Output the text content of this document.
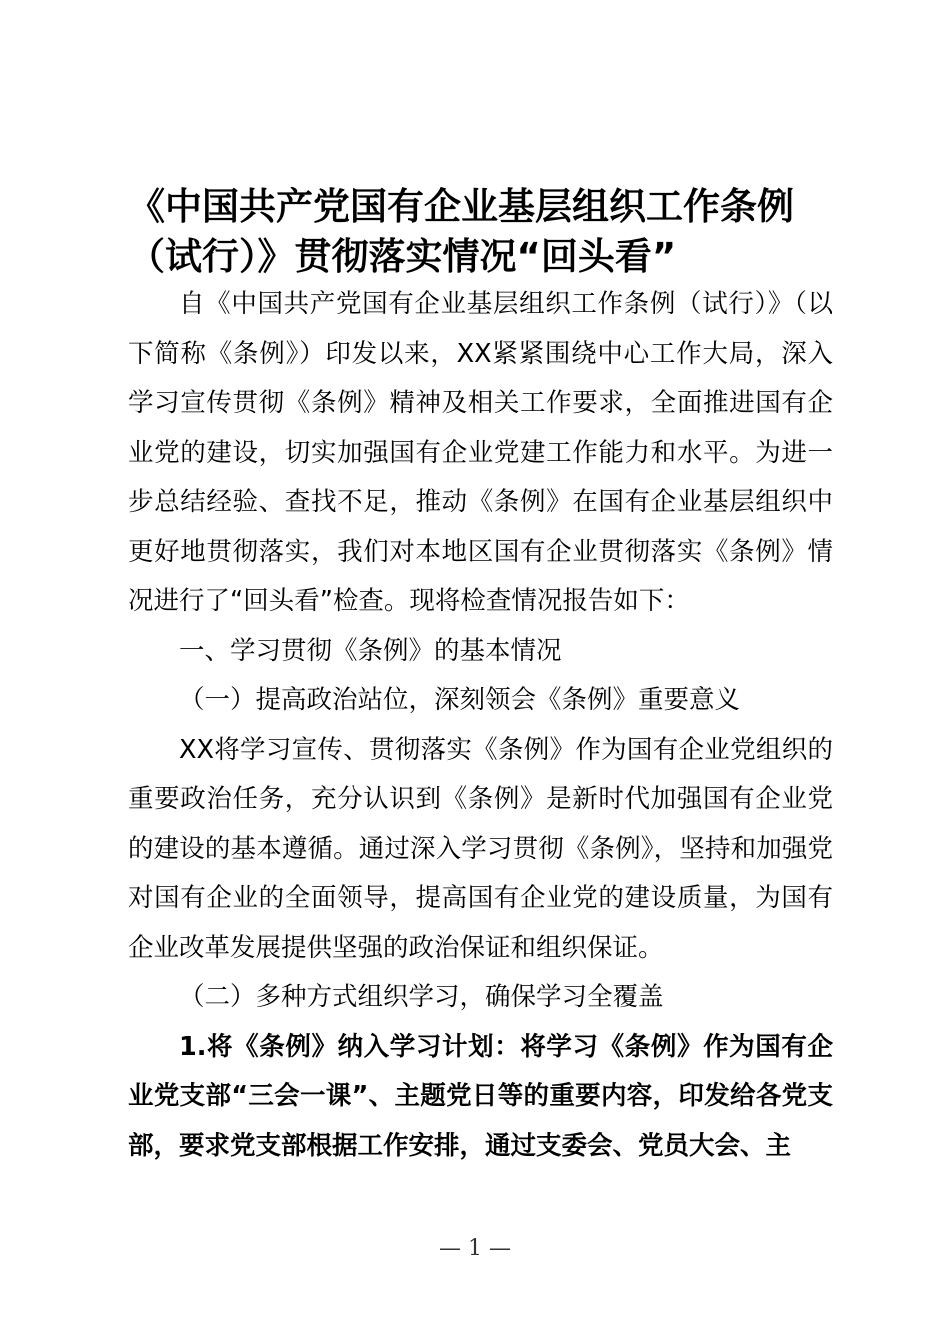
《中国共产党国有企业基层组织工作条例（试行）》贯彻落实情况“回头看”

自《中国共产党国有企业基层组织工作条例（试行）》（以下简称《条例》）印发以来，XX紧紧围绕中心工作大局，深入学习宣传贯彻《条例》精神及相关工作要求，全面推进国有企业党的建设，切实加强国有企业党建工作能力和水平。为进一步总结经验、查找不足，推动《条例》在国有企业基层组织中更好地贯彻落实，我们对本地区国有企业贯彻落实《条例》情况进行了“回头看”检查。现将检查情况报告如下：

一、学习贯彻《条例》的基本情况

（一）提高政治站位，深刻领会《条例》重要意义

XX将学习宣传、贯彻落实《条例》作为国有企业党组织的重要政治任务，充分认识到《条例》是新时代加强国有企业党的建设的基本遵循。通过深入学习贯彻《条例》，坚持和加强党对国有企业的全面领导，提高国有企业党的建设质量，为国有企业改革发展提供坚强的政治保证和组织保证。

（二）多种方式组织学习，确保学习全覆盖

1.将《条例》纳入学习计划：将学习《条例》作为国有企业党支部“三会一课”、主题党日等的重要内容，印发给各党支部，要求党支部根据工作安排，通过支委会、党员大会、主

— 1 —
